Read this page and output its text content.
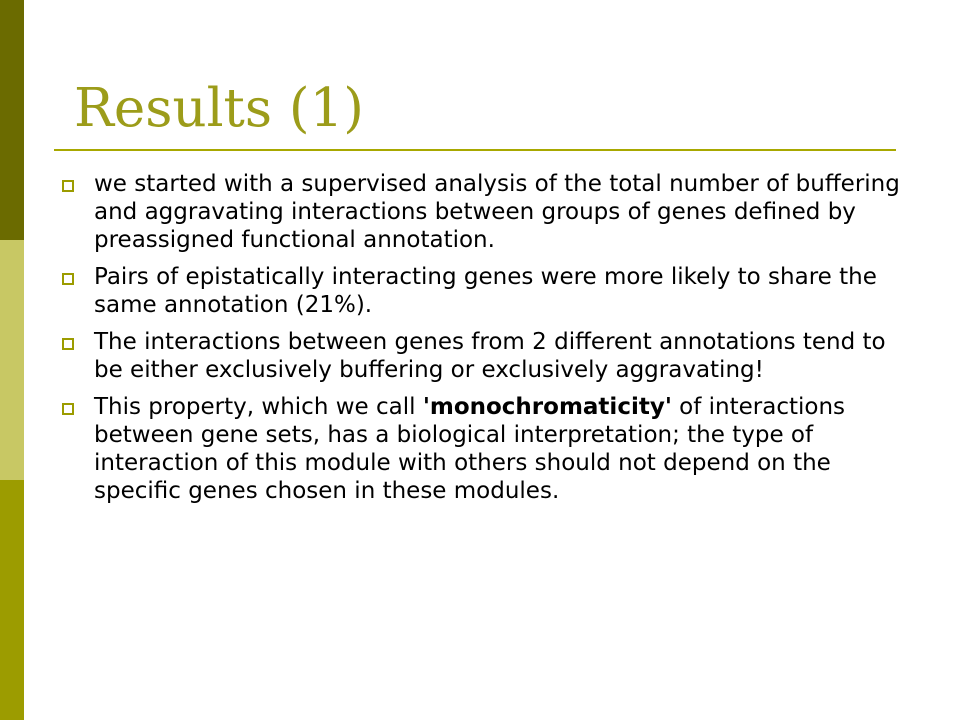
Results (1)
we started with a supervised analysis of the total number of buffering and aggravating interactions between groups of genes defined by preassigned functional annotation.
Pairs of epistatically interacting genes were more likely to share the same annotation (21%).
The interactions between genes from 2 different annotations tend to be either exclusively buffering or exclusively aggravating!
This property, which we call 'monochromaticity' of interactions between gene sets, has a biological interpretation; the type of interaction of this module with others should not depend on the specific genes chosen in these modules.
